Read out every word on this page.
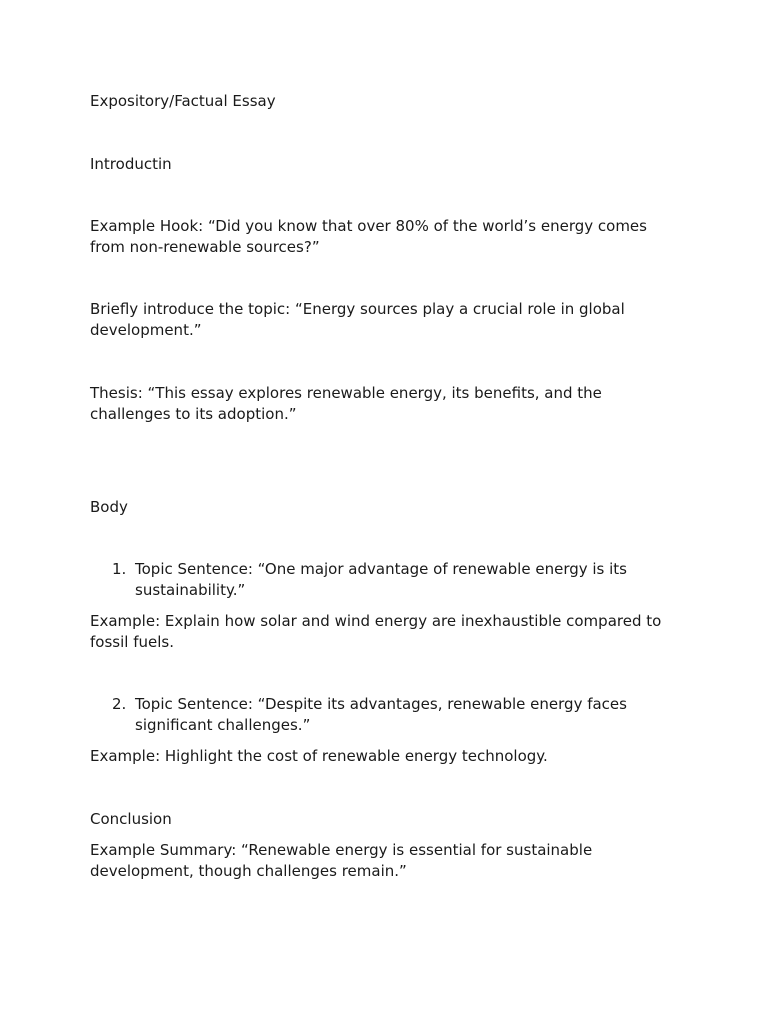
Expository/Factual Essay

Introductin

Example Hook: “Did you know that over 80% of the world’s energy comes from non-renewable sources?”

Briefly introduce the topic: “Energy sources play a crucial role in global development.”

Thesis: “This essay explores renewable energy, its benefits, and the challenges to its adoption.”

Body

1. Topic Sentence: “One major advantage of renewable energy is its sustainability.”

Example: Explain how solar and wind energy are inexhaustible compared to fossil fuels.

2. Topic Sentence: “Despite its advantages, renewable energy faces significant challenges.”

Example: Highlight the cost of renewable energy technology.

Conclusion

Example Summary: “Renewable energy is essential for sustainable development, though challenges remain.”
